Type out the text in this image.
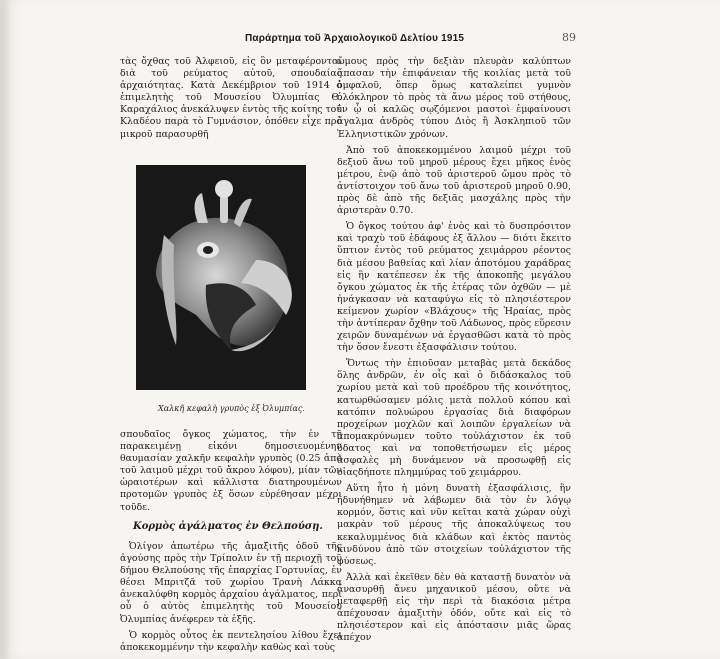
Παράρτημα τοῦ Ἀρχαιολογικοῦ Δελτίου 1915	89

τὰς ὄχθας τοῦ Ἀλφειοῦ, εἰς ὃν μεταφέρονται διὰ τοῦ ρεύματος αὐτοῦ, σπουδαίας ἀρχαιότητας. Κατὰ Δεκέμβριον τοῦ 1914 ὁ ἐπιμελητὴς τοῦ Μουσείου Ὀλυμπίας Θ. Καραχάλιος ἀνεκάλυψεν ἐντὸς τῆς κοίτης τοῦ Κλαδέου παρὰ τὸ Γυμνάσιον, ὁπόθεν εἶχε πρὸ μικροῦ παρασυρθῆ

Χαλκῆ κεφαλὴ γρυπὸς ἐξ Ὀλυμπίας.

σπουδαῖος ὄγκος χώματος, τὴν ἐν τῇ παρακειμένῃ εἰκόνι δημοσιευομένην θαυμασίαν χαλκῆν κεφαλὴν γρυπὸς (0.25 ἀπὸ τοῦ λαιμοῦ μέχρι τοῦ ἄκρου λόφου), μίαν τῶν ὡραιοτέρων καὶ κάλλιστα διατηρουμένων προτομῶν γρυπὸς ἐξ ὅσων εὑρέθησαν μέχρι τοῦδε.

Κορμὸς ἀγάλματος ἐν Θελπούσῃ.

Ὀλίγον ἀπωτέρω τῆς ἁμαξιτῆς ὁδοῦ τῆς ἀγούσης πρὸς τὴν Τρίπολιν ἐν τῇ περιοχῇ τοῦ δήμου Θελπούσης τῆς ἐπαρχίας Γορτυνίας, ἐν θέσει Μπριτζᾶ τοῦ χωρίου Τρανὴ Λάκκα ἀνεκαλύφθη κορμὸς ἀρχαίου ἀγάλματος, περὶ οὗ ὁ αὐτὸς ἐπιμελητὴς τοῦ Μουσείου Ὀλυμπίας ἀνέφερεν τὰ ἑξῆς.

Ὁ κορμὸς οὗτος ἐκ πεντελησίου λίθου ἔχει ἀποκεκομμένην τὴν κεφαλὴν καθὼς καὶ τοὺς

ὤμους πρὸς τὴν δεξιὰν πλευρὰν καλύπτων ἅπασαν τὴν ἐπιφάνειαν τῆς κοιλίας μετὰ τοῦ ὀμφαλοῦ, ὅπερ ὅμως καταλείπει γυμνὸν ὁλόκληρον τὸ πρὸς τὰ ἄνω μέρος τοῦ στήθους, ἐν ᾧ οἱ καλῶς σῳζόμενοι μαστοὶ ἐμφαίνουσι ἄγαλμα ἀνδρὸς τύπου Διὸς ἢ Ἀσκληπιοῦ τῶν Ἑλληνιστικῶν χρόνων.

Ἀπὸ τοῦ ἀποκεκομμένου λαιμοῦ μέχρι τοῦ δεξιοῦ ἄνω τοῦ μηροῦ μέρους ἔχει μῆκος ἑνὸς μέτρου, ἐνῷ ἀπὸ τοῦ ἀριστεροῦ ὤμου πρὸς τὸ ἀντίστοιχον τοῦ ἄνω τοῦ ἀριστεροῦ μηροῦ 0.90, πρὸς δὲ ἀπὸ τῆς δεξιᾶς μασχάλης πρὸς τὴν ἀριστερὰν 0.70.

Ὁ ὄγκος τούτου ἀφ' ἑνὸς καὶ τὸ δυσπρόσιτον καὶ τραχὺ τοῦ ἐδάφους ἐξ ἄλλου — διότι ἔκειτο ὕπτιον ἐντὸς τοῦ ρεύματος χειμάρρου ρέοντος διὰ μέσου βαθείας καὶ λίαν ἀποτόμου χαράδρας εἰς ἣν κατέπεσεν ἐκ τῆς ἀποκοπῆς μεγάλου ὄγκου χώματος ἐκ τῆς ἑτέρας τῶν ὀχθῶν — μὲ ἠνάγκασαν νὰ καταφύγω εἰς τὸ πλησιέστερον κείμενον χωρίον «Βλάχους» τῆς Ἡραίας, πρὸς τὴν ἀντίπεραν ὄχθην τοῦ Λάδωνος, πρὸς εὕρεσιν χειρῶν δυναμένων νὰ ἐργασθῶσι κατὰ τὸ πρὸς τὴν ὅσον ἔνεστι ἐξασφάλισιν τούτου.

Ὅντως τὴν ἐπιοῦσαν μεταβὰς μετὰ δεκάδος ὅλης ἀνδρῶν, ἐν οἷς καὶ ὁ διδάσκαλος τοῦ χωρίου μετὰ καὶ τοῦ προέδρου τῆς κοινότητος, κατωρθώσαμεν μόλις μετὰ πολλοῦ κόπου καὶ κατόπιν πολυώρου ἐργασίας διὰ διαφόρων προχείρων μοχλῶν καὶ λοιπῶν ἐργαλείων νὰ απομακρύνωμεν τοῦτο τοὐλάχιστον ἐκ τοῦ ὕδατος καὶ να τοποθετήσωμεν εἰς μέρος ἀσφαλὲς μὴ δυνάμενον νὰ προσωφθῇ εἰς οἱαςδήποτε πλημμύρας τοῦ χειμάρρου.

Αὕτη ἦτο ἡ μόνη δυνατὴ ἐξασφάλισις, ἣν ἠδυνήθημεν νὰ λάβωμεν διὰ τὸν ἐν λόγῳ κορμόν, ὅστις καὶ νῦν κεῖται κατὰ χώραν οὐχὶ μακρὰν τοῦ μέρους τῆς ἀποκαλύψεως του κεκαλυμμένος διὰ κλάδων καὶ ἐκτὸς παντὸς κινδύνου ἀπὸ τῶν στοιχείων τοὐλάχιστον τῆς φύσεως.

Ἀλλὰ καὶ ἐκεῖθεν δὲν θὰ καταστῇ δυνατὸν νὰ ἀνασυρθῇ ἄνευ μηχανικοῦ μέσου, οὔτε νὰ μεταφερθῇ εἰς τὴν περὶ τὰ διακόσια μέτρα ἀπέχουσαν ἁμαξιτὴν ὁδόν, οὔτε καὶ εἰς τὸ πλησιέστερον καὶ εἰς ἀπόστασιν μιᾶς ὥρας ἀπέχον
